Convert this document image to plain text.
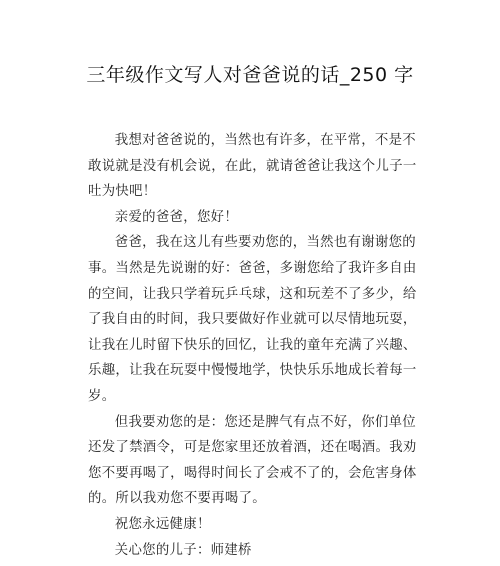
三年级作文写人对爸爸说的话_250 字
我想对爸爸说的，当然也有许多，在平常，不是不
敢说就是没有机会说，在此，就请爸爸让我这个儿子一
吐为快吧！
亲爱的爸爸，您好！
爸爸，我在这儿有些要劝您的，当然也有谢谢您的
事。当然是先说谢的好：爸爸，多谢您给了我许多自由
的空间，让我只学着玩乒乓球，这和玩差不了多少，给
了我自由的时间，我只要做好作业就可以尽情地玩耍，
让我在儿时留下快乐的回忆，让我的童年充满了兴趣、
乐趣，让我在玩耍中慢慢地学，快快乐乐地成长着每一
岁。
但我要劝您的是：您还是脾气有点不好，你们单位
还发了禁酒令，可是您家里还放着酒，还在喝酒。我劝
您不要再喝了，喝得时间长了会戒不了的，会危害身体
的。所以我劝您不要再喝了。
祝您永远健康！
关心您的儿子：师建桥
